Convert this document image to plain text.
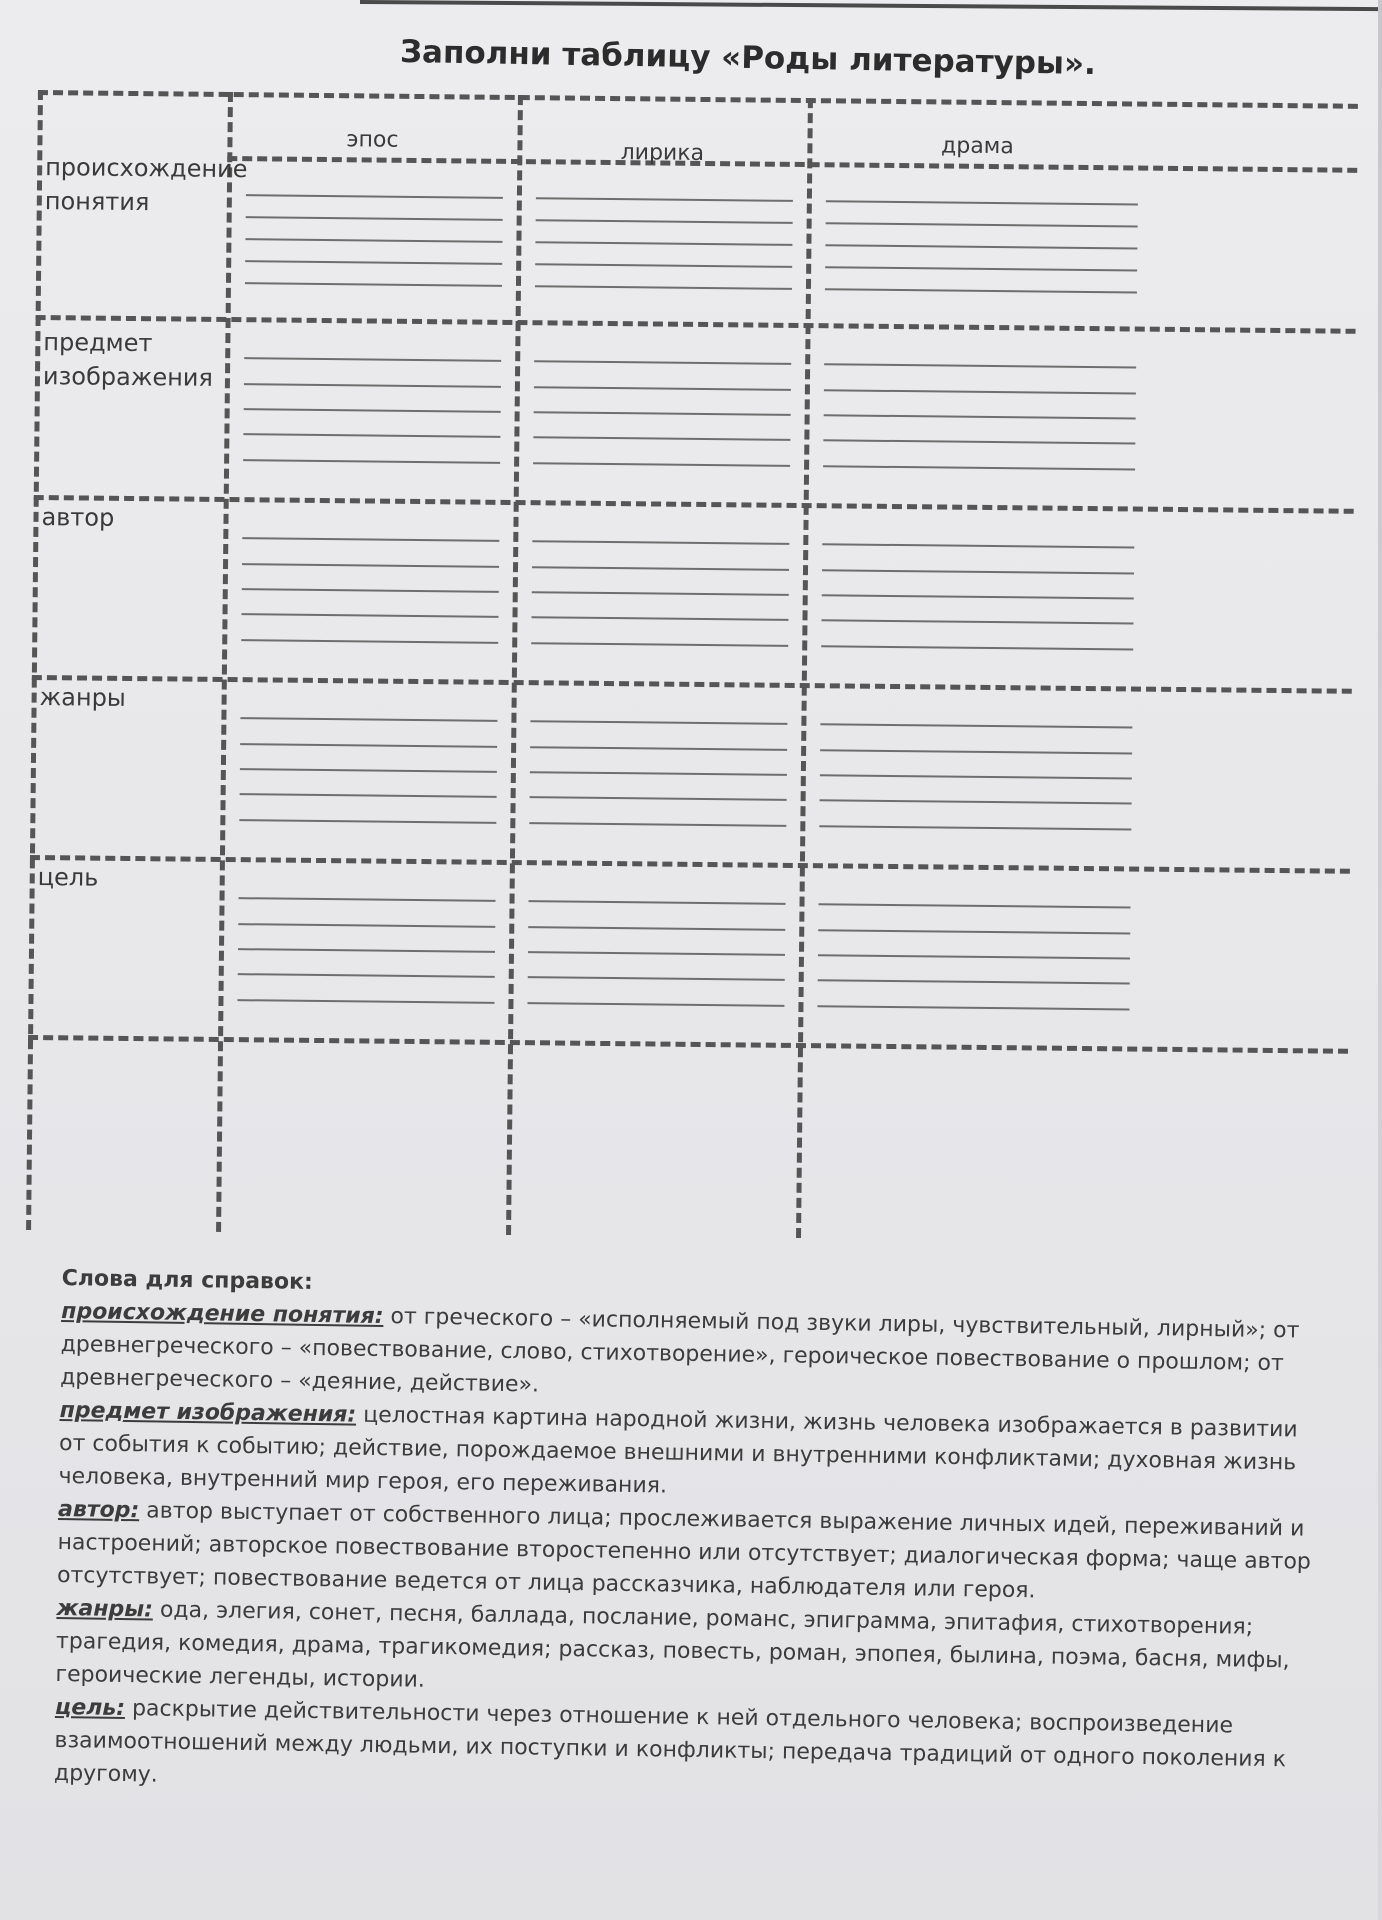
Заполни таблицу «Роды литературы».
эпос
лирика	драма
происхождение понятия
предмет изображения
автор
жанры
цель

Слова для справок:

происхождение понятия: от греческого – «исполняемый под звуки лиры, чувствительный, лирный»; от древнегреческого – «повествование, слово, стихотворение», героическое повествование о прошлом; от древнегреческого – «деяние, действие».

предмет изображения: целостная картина народной жизни, жизнь человека изображается в развитии от события к событию; действие, порождаемое внешними и внутренними конфликтами; духовная жизнь человека, внутренний мир героя, его переживания.

автор: автор выступает от собственного лица; прослеживается выражение личных идей, переживаний и настроений; авторское повествование второстепенно или отсутствует; диалогическая форма; чаще автор отсутствует; повествование ведется от лица рассказчика, наблюдателя или героя.

жанры: ода, элегия, сонет, песня, баллада, послание, романс, эпиграмма, эпитафия, стихотворения; трагедия, комедия, драма, трагикомедия; рассказ, повесть, роман, эпопея, былина, поэма, басня, мифы, героические легенды, истории.

цель: раскрытие действительности через отношение к ней отдельного человека; воспроизведение взаимоотношений между людьми, их поступки и конфликты; передача традиций от одного поколения к другому.
